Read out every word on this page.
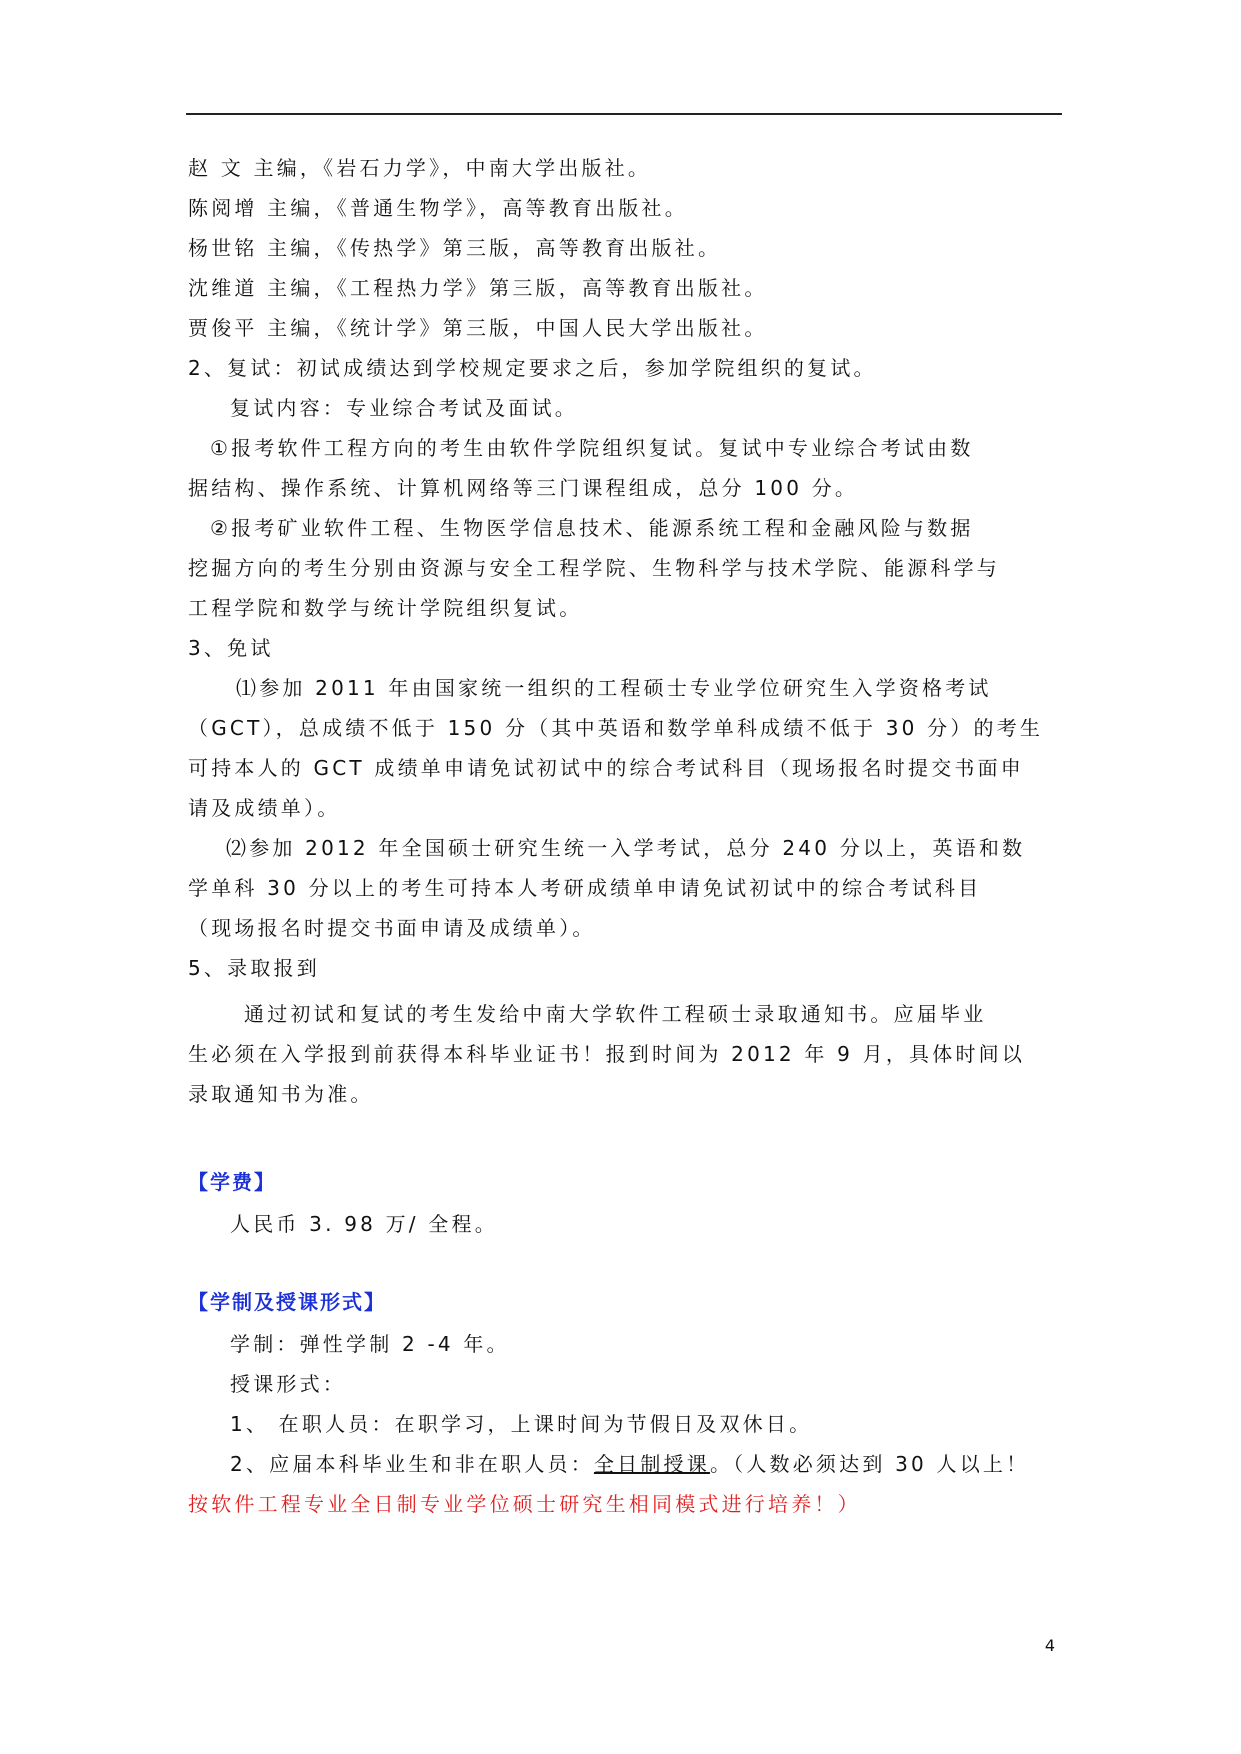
赵 文 主编，《岩石力学》，中南大学出版社。
陈阅增 主编，《普通生物学》，高等教育出版社。
杨世铭 主编，《传热学》第三版，高等教育出版社。
沈维道 主编，《工程热力学》第三版，高等教育出版社。
贾俊平 主编，《统计学》第三版，中国人民大学出版社。
2、复试：初试成绩达到学校规定要求之后，参加学院组织的复试。
复试内容：专业综合考试及面试。
①报考软件工程方向的考生由软件学院组织复试。复试中专业综合考试由数
据结构、操作系统、计算机网络等三门课程组成，总分 100 分。
②报考矿业软件工程、生物医学信息技术、能源系统工程和金融风险与数据
挖掘方向的考生分别由资源与安全工程学院、生物科学与技术学院、能源科学与
工程学院和数学与统计学院组织复试。
3、免试
⑴参加 2011 年由国家统一组织的工程硕士专业学位研究生入学资格考试
（GCT），总成绩不低于 150 分（其中英语和数学单科成绩不低于 30 分）的考生
可持本人的 GCT 成绩单申请免试初试中的综合考试科目（现场报名时提交书面申
请及成绩单）。
⑵参加 2012 年全国硕士研究生统一入学考试，总分 240 分以上，英语和数
学单科 30 分以上的考生可持本人考研成绩单申请免试初试中的综合考试科目
（现场报名时提交书面申请及成绩单）。
5、录取报到
通过初试和复试的考生发给中南大学软件工程硕士录取通知书。应届毕业
生必须在入学报到前获得本科毕业证书！报到时间为 2012 年 9 月，具体时间以
录取通知书为准。
【学费】
人民币 3. 98 万/ 全程。
【学制及授课形式】
学制：弹性学制 2 -4 年。
授课形式：
1、 在职人员：在职学习，上课时间为节假日及双休日。
2、应届本科毕业生和非在职人员：全日制授课。（人数必须达到 30 人以上！
按软件工程专业全日制专业学位硕士研究生相同模式进行培养！）
4
